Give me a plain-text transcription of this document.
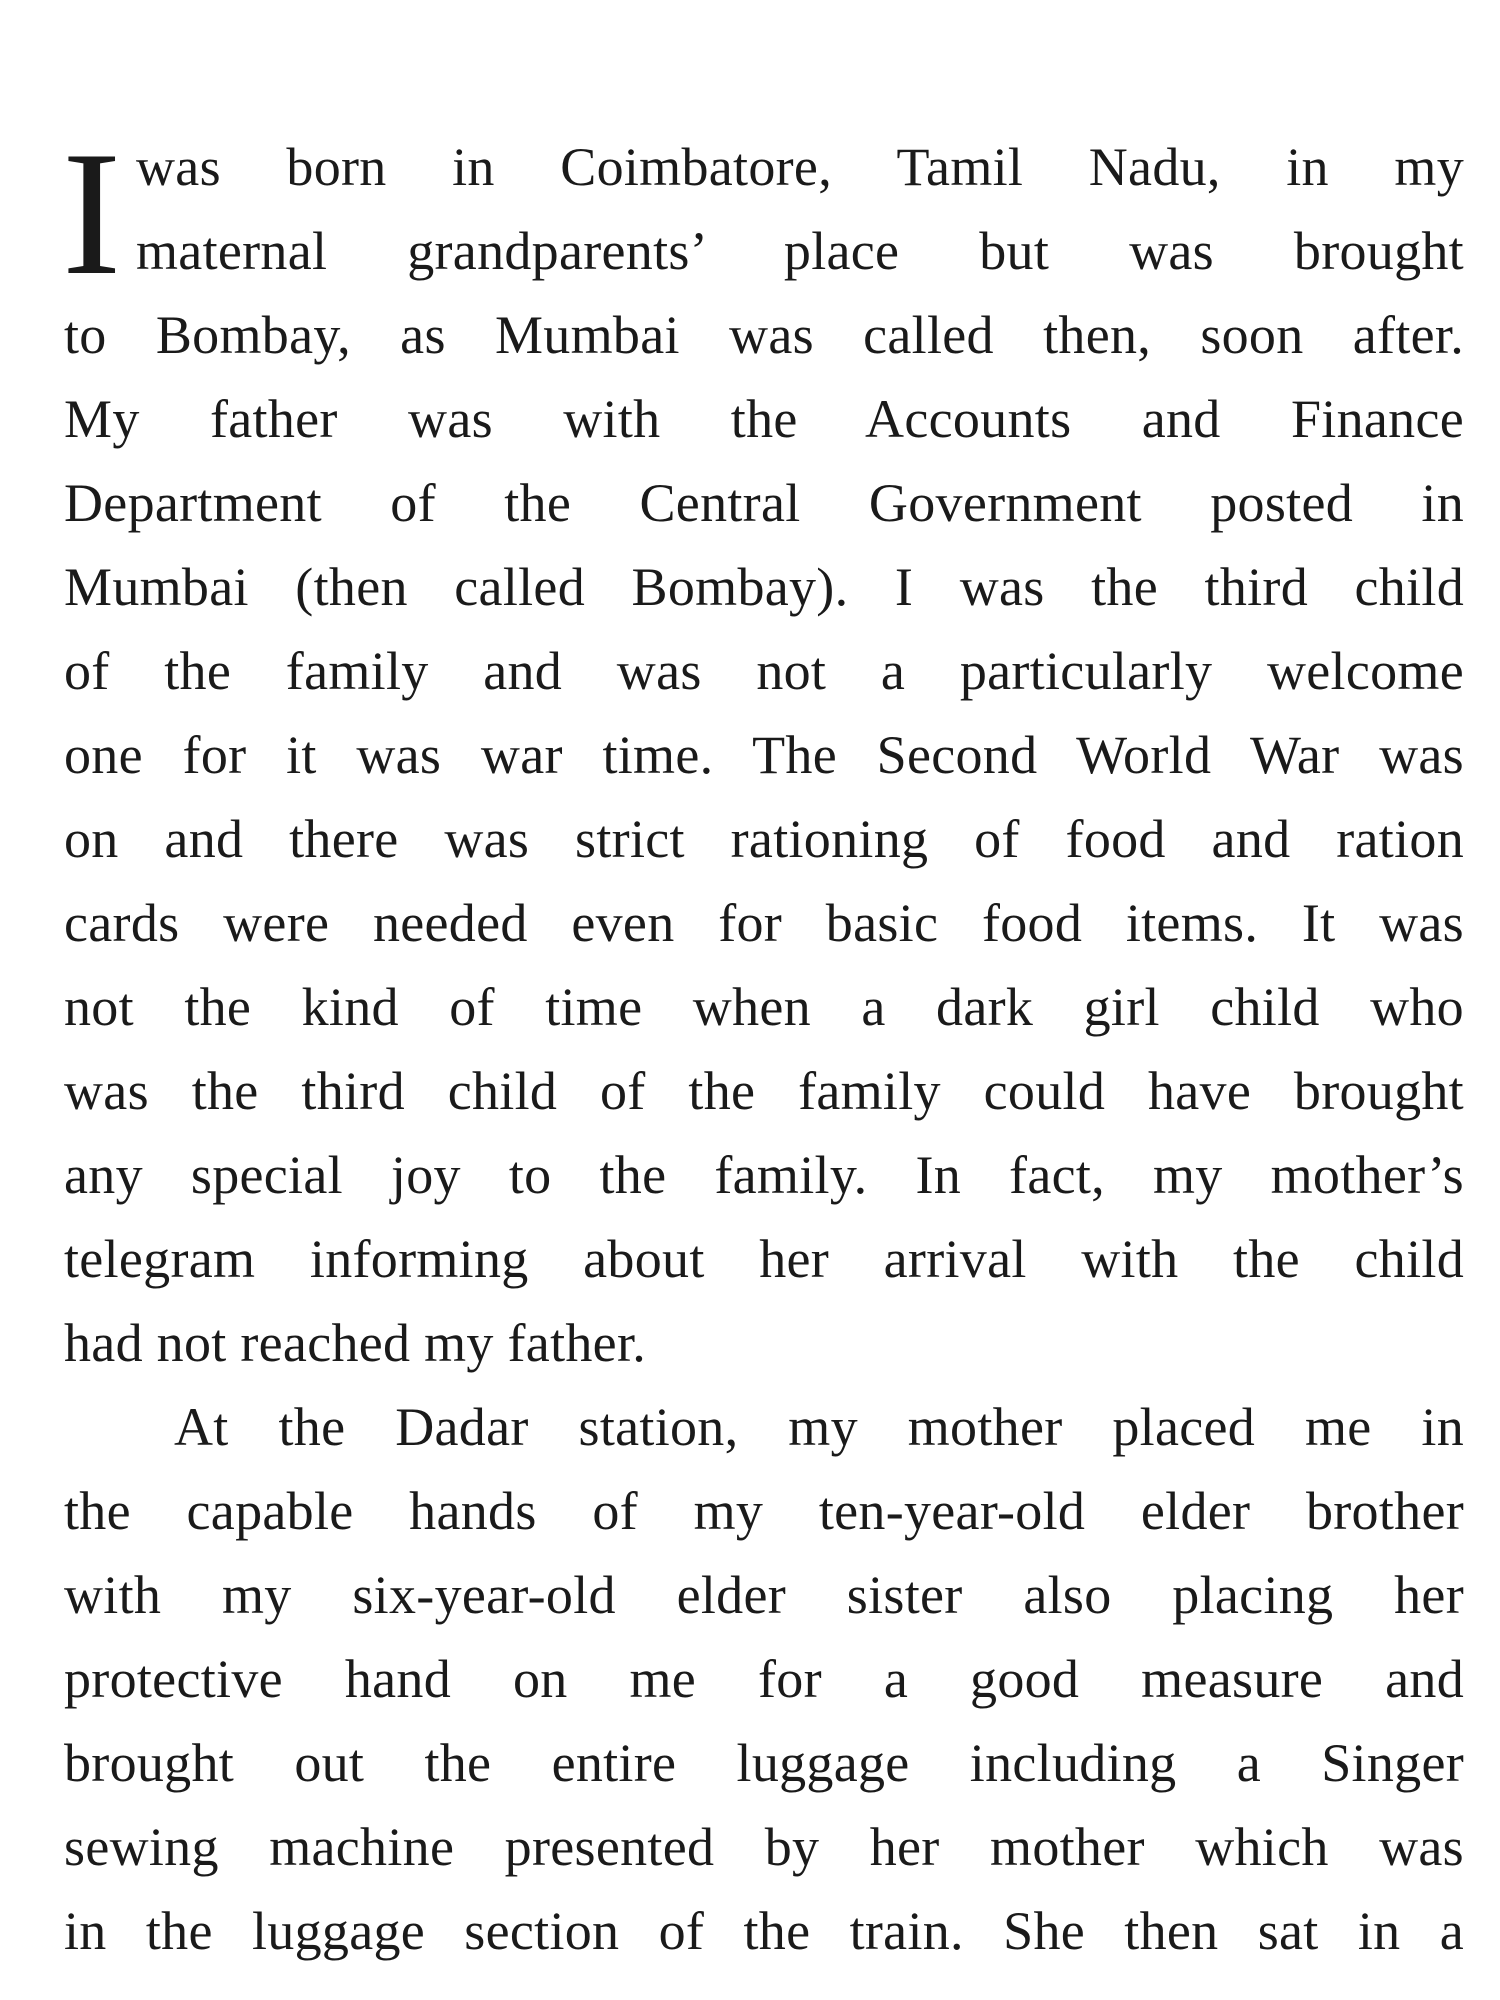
I was born in Coimbatore, Tamil Nadu, in my
maternal grandparents’ place but was brought
to Bombay, as Mumbai was called then, soon after.
My father was with the Accounts and Finance
Department of the Central Government posted in
Mumbai (then called Bombay). I was the third child
of the family and was not a particularly welcome
one for it was war time. The Second World War was
on and there was strict rationing of food and ration
cards were needed even for basic food items. It was
not the kind of time when a dark girl child who
was the third child of the family could have brought
any special joy to the family. In fact, my mother’s
telegram informing about her arrival with the child
had not reached my father.
At the Dadar station, my mother placed me in
the capable hands of my ten-year-old elder brother
with my six-year-old elder sister also placing her
protective hand on me for a good measure and
brought out the entire luggage including a Singer
sewing machine presented by her mother which was
in the luggage section of the train. She then sat in a
